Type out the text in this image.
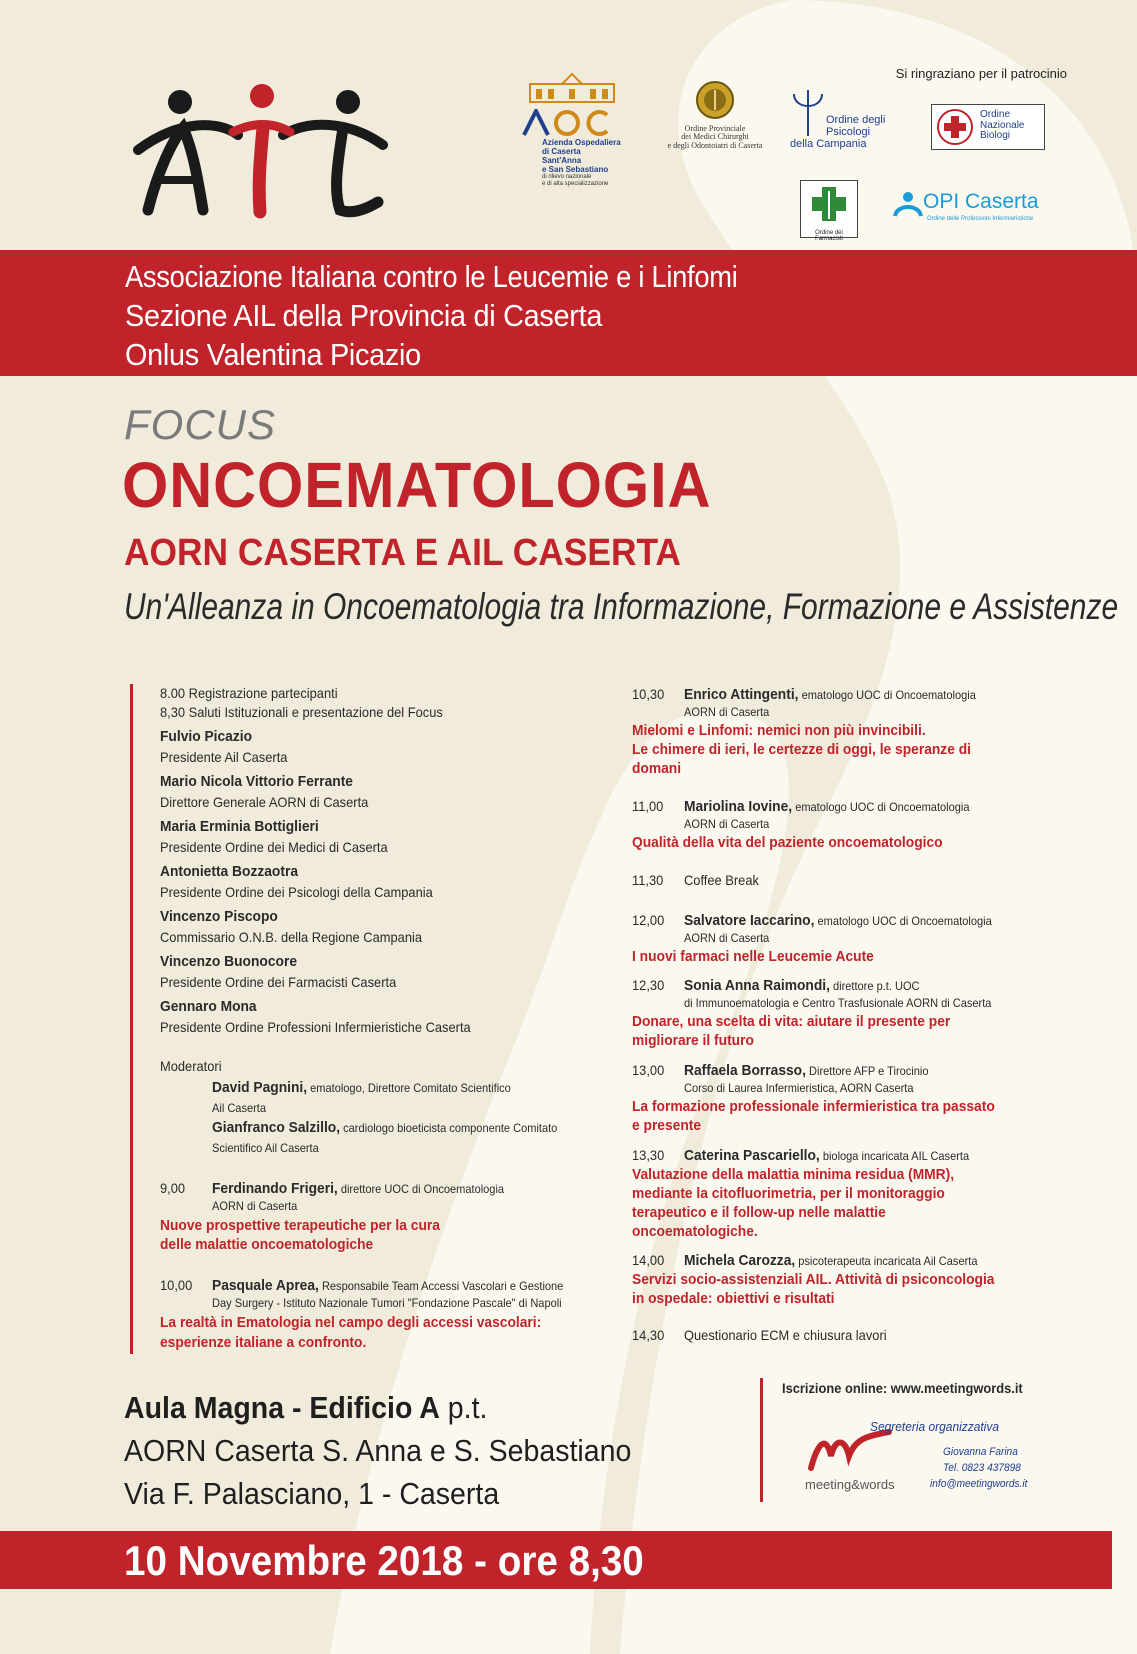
Si ringraziano per il patrocinio

Azienda Ospedaliera
di Caserta
Sant'Anna
e San Sebastiano
di rilievo nazionale
e di alta specializzazione
Ordine Provinciale
dei Medici Chirurghi
e degli Odontoiatri di Caserta
Ordine degli Psicologi
della Campania
Ordine
Nazionale
Biologi
Ordine dei Farmacisti
OPI Caserta
Ordine delle Professioni Infermieristiche
Associazione Italiana contro le Leucemie e i Linfomi
Sezione AIL della Provincia di Caserta
Onlus Valentina Picazio
FOCUS
ONCOEMATOLOGIA
AORN CASERTA E AIL CASERTA
Un'Alleanza in Oncoematologia tra Informazione, Formazione e Assistenze
8.00 Registrazione partecipanti
8,30 Saluti Istituzionali e presentazione del Focus
Fulvio Picazio
Presidente Ail Caserta
Mario Nicola Vittorio Ferrante
Direttore Generale AORN di Caserta
Maria Erminia Bottiglieri
Presidente Ordine dei Medici di Caserta
Antonietta Bozzaotra
Presidente Ordine dei Psicologi della Campania
Vincenzo Piscopo
Commissario O.N.B. della Regione Campania
Vincenzo Buonocore
Presidente Ordine dei Farmacisti Caserta
Gennaro Mona
Presidente Ordine Professioni Infermieristiche Caserta
Moderatori
David Pagnini, ematologo, Direttore Comitato Scientifico
Ail Caserta
Gianfranco Salzillo, cardiologo bioeticista componente Comitato
Scientifico Ail Caserta
9,00 Ferdinando Frigeri, direttore UOC di Oncoematologia
AORN di Caserta
Nuove prospettive terapeutiche per la cura
delle malattie oncoematologiche
10,00 Pasquale Aprea, Responsabile Team Accessi Vascolari e Gestione
Day Surgery - Istituto Nazionale Tumori "Fondazione Pascale" di Napoli
La realtà in Ematologia nel campo degli accessi vascolari:
esperienze italiane a confronto.
10,30 Enrico Attingenti, ematologo UOC di Oncoematologia
AORN di Caserta
Mielomi e Linfomi: nemici non più invincibili.
Le chimere di ieri, le certezze di oggi, le speranze di
domani
11,00 Mariolina Iovine, ematologo UOC di Oncoematologia
AORN di Caserta
Qualità della vita del paziente oncoematologico
11,30 Coffee Break
12,00 Salvatore Iaccarino, ematologo UOC di Oncoematologia
AORN di Caserta
I nuovi farmaci nelle Leucemie Acute
12,30 Sonia Anna Raimondi, direttore p.t. UOC
di Immunoematologia e Centro Trasfusionale AORN di Caserta
Donare, una scelta di vita: aiutare il presente per
migliorare il futuro
13,00 Raffaela Borrasso, Direttore AFP e Tirocinio
Corso di Laurea Infermieristica, AORN Caserta
La formazione professionale infermieristica tra passato
e presente
13,30 Caterina Pascariello, biologa incaricata AIL Caserta
Valutazione della malattia minima residua (MMR),
mediante la citofluorimetria, per il monitoraggio
terapeutico e il follow-up nelle malattie
oncoematologiche.
14,00 Michela Carozza, psicoterapeuta incaricata Ail Caserta
Servizi socio-assistenziali AIL. Attività di psiconcologia
in ospedale: obiettivi e risultati
14,30 Questionario ECM e chiusura lavori
Iscrizione online: www.meetingwords.it
meeting&words
Segreteria organizzativa
Giovanna Farina
Tel. 0823 437898
info@meetingwords.it
Aula Magna - Edificio A p.t.
AORN Caserta S. Anna e S. Sebastiano
Via F. Palasciano, 1 - Caserta
10 Novembre 2018 - ore 8,30
